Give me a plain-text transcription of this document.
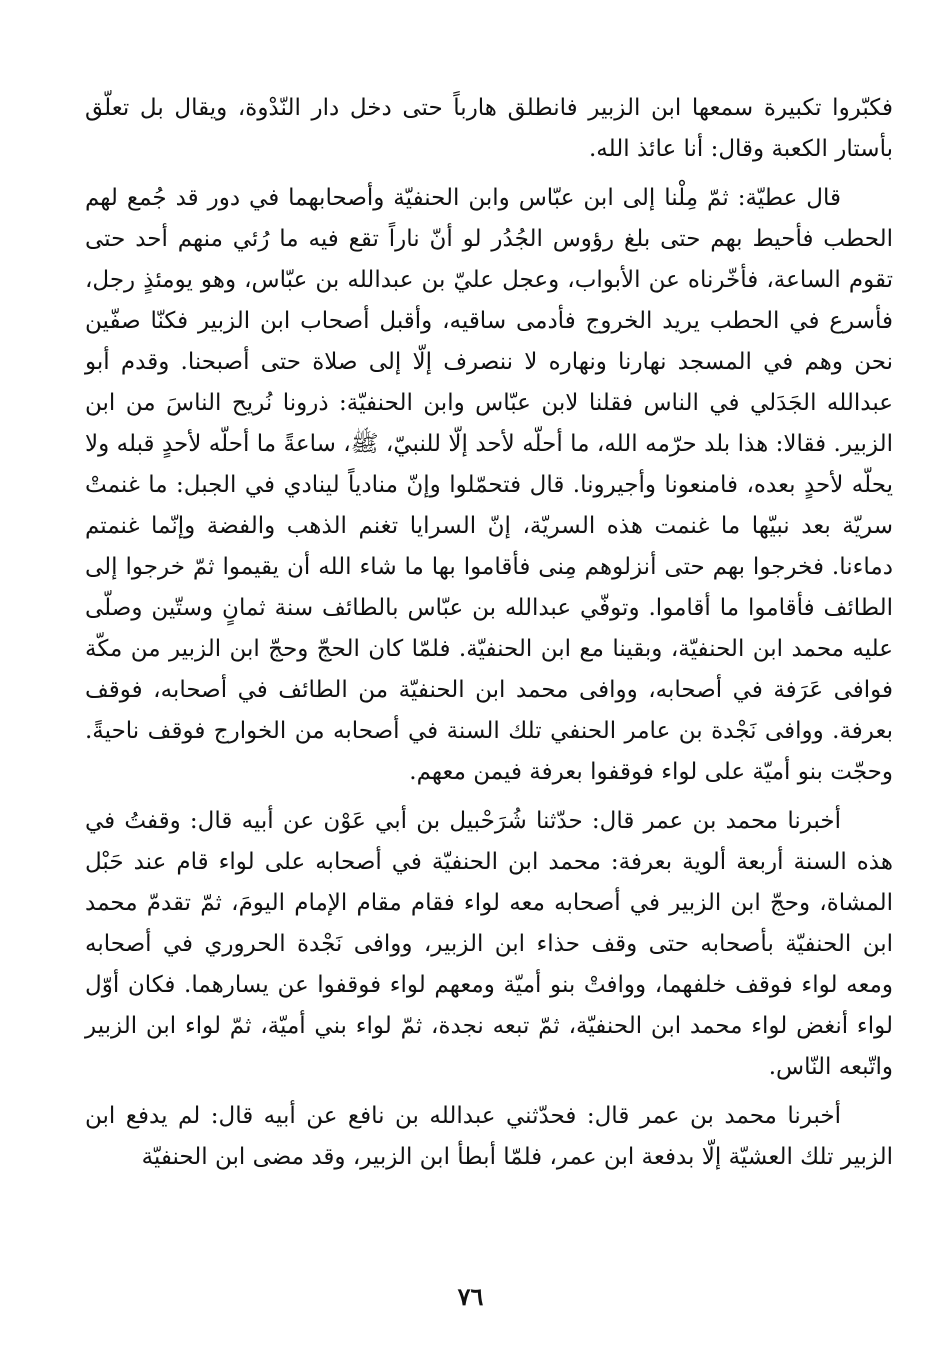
فكبّروا تكبيرة سمعها ابن الزبير فانطلق هارباً حتى دخل دار النّدْوة، ويقال بل تعلّق بأستار الكعبة وقال: أنا عائذ الله.

قال عطيّة: ثمّ مِلْنا إلى ابن عبّاس وابن الحنفيّة وأصحابهما في دور قد جُمع لهم الحطب فأحيط بهم حتى بلغ رؤوس الجُدُر لو أنّ ناراً تقع فيه ما رُئي منهم أحد حتى تقوم الساعة، فأخّرناه عن الأبواب، وعجل عليّ بن عبدالله بن عبّاس، وهو يومئذٍ رجل، فأسرع في الحطب يريد الخروج فأدمى ساقيه، وأقبل أصحاب ابن الزبير فكنّا صفّين نحن وهم في المسجد نهارنا ونهاره لا ننصرف إلّا إلى صلاة حتى أصبحنا. وقدم أبو عبدالله الجَدَلي في الناس فقلنا لابن عبّاس وابن الحنفيّة: ذرونا نُريح الناسَ من ابن الزبير. فقالا: هذا بلد حرّمه الله، ما أحلّه لأحد إلّا للنبيّ، ﷺ، ساعةً ما أحلّه لأحدٍ قبله ولا يحلّه لأحدٍ بعده، فامنعونا وأجيرونا. قال فتحمّلوا وإنّ منادياً لينادي في الجبل: ما غنمتْ سريّة بعد نبيّها ما غنمت هذه السريّة، إنّ السرايا تغنم الذهب والفضة وإنّما غنمتم دماءنا. فخرجوا بهم حتى أنزلوهم مِنى فأقاموا بها ما شاء الله أن يقيموا ثمّ خرجوا إلى الطائف فأقاموا ما أقاموا. وتوفّي عبدالله بن عبّاس بالطائف سنة ثمانٍ وستّين وصلّى عليه محمد ابن الحنفيّة، وبقينا مع ابن الحنفيّة. فلمّا كان الحجّ وحجّ ابن الزبير من مكّة فوافى عَرَفة في أصحابه، ووافى محمد ابن الحنفيّة من الطائف في أصحابه، فوقف بعرفة. ووافى نَجْدة بن عامر الحنفي تلك السنة في أصحابه من الخوارج فوقف ناحيةً. وحجّت بنو أميّة على لواء فوقفوا بعرفة فيمن معهم.

أخبرنا محمد بن عمر قال: حدّثنا شُرَحْبيل بن أبي عَوْن عن أبيه قال: وقفتُ في هذه السنة أربعة ألوية بعرفة: محمد ابن الحنفيّة في أصحابه على لواء قام عند حَبْل المشاة، وحجّ ابن الزبير في أصحابه معه لواء فقام مقام الإمام اليومَ، ثمّ تقدمّ محمد ابن الحنفيّة بأصحابه حتى وقف حذاء ابن الزبير، ووافى نَجْدة الحروري في أصحابه ومعه لواء فوقف خلفهما، ووافتْ بنو أميّة ومعهم لواء فوقفوا عن يسارهما. فكان أوّل لواء أنغض لواء محمد ابن الحنفيّة، ثمّ تبعه نجدة، ثمّ لواء بني أميّة، ثمّ لواء ابن الزبير واتّبعه النّاس.

أخبرنا محمد بن عمر قال: فحدّثني عبدالله بن نافع عن أبيه قال: لم يدفع ابن الزبير تلك العشيّة إلّا بدفعة ابن عمر، فلمّا أبطأ ابن الزبير، وقد مضى ابن الحنفيّة

٧٦
